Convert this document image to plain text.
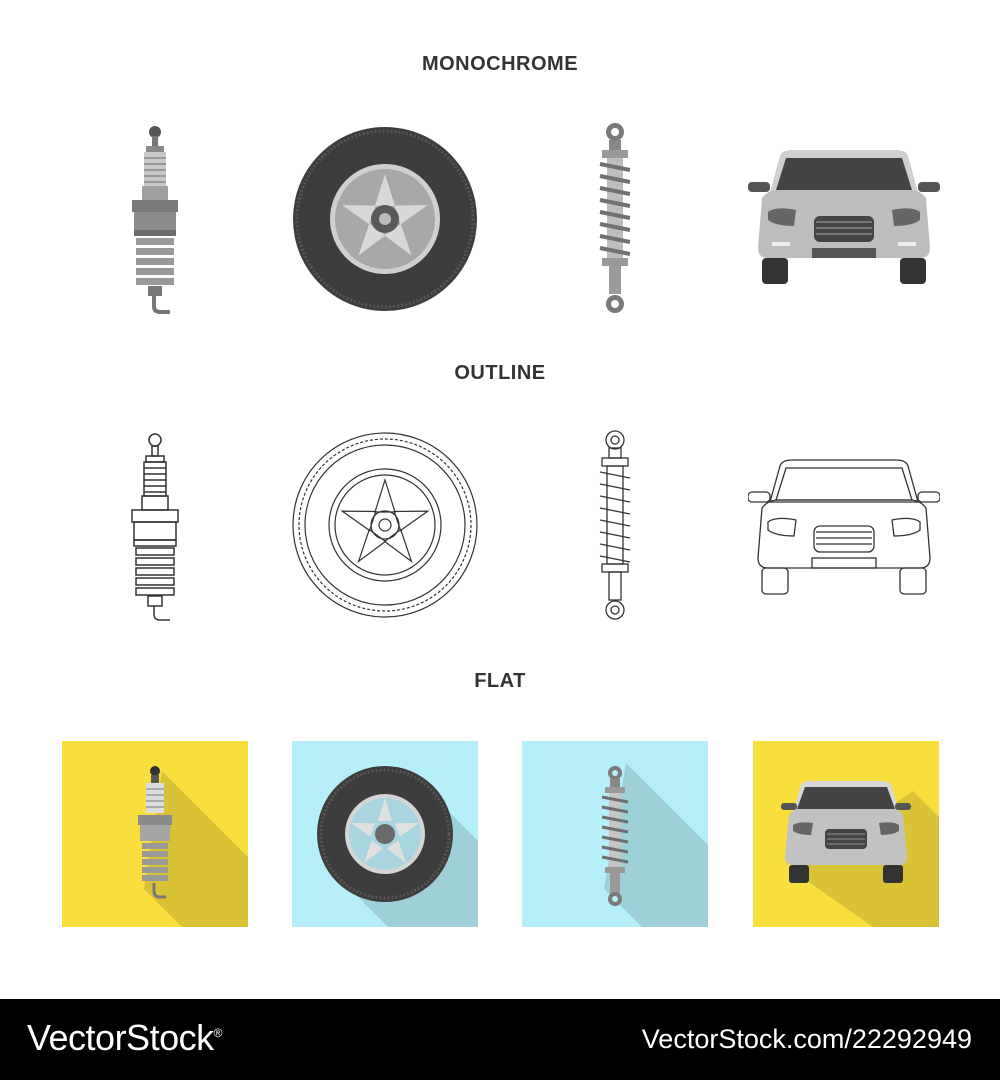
MONOCHROME
OUTLINE
FLAT
VectorStock®	VectorStock.com/22292949
